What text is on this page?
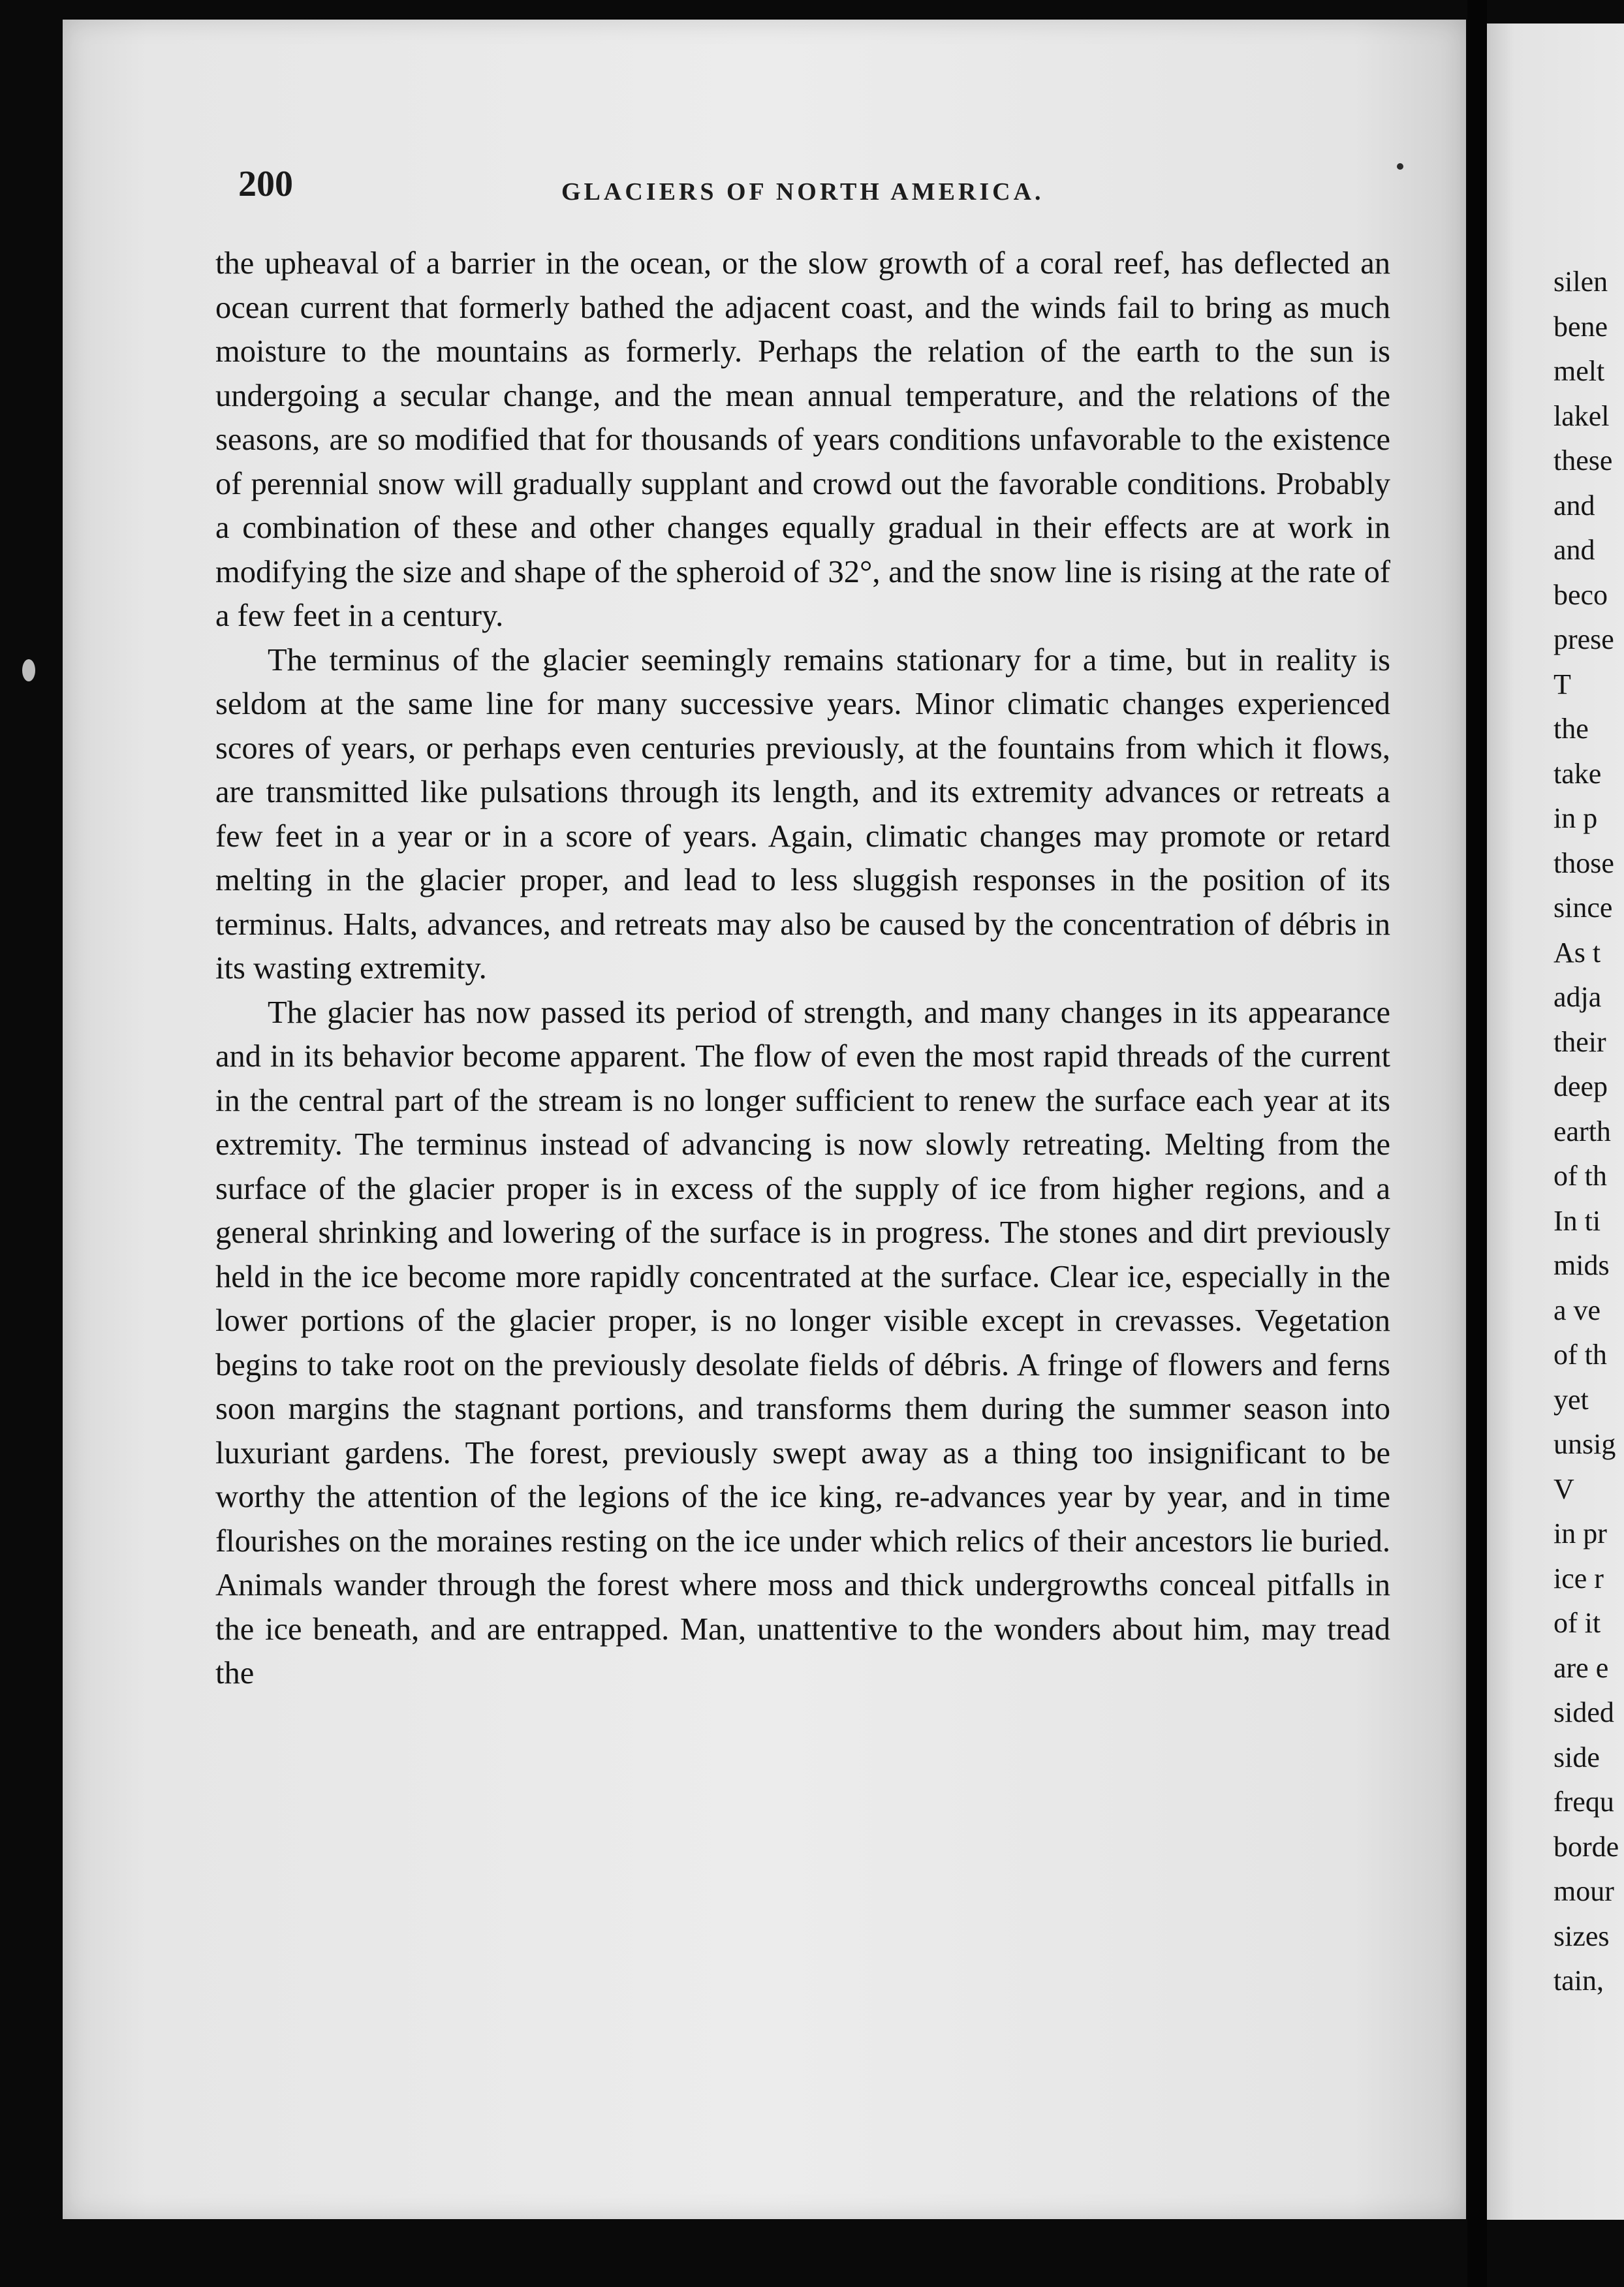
200	GLACIERS OF NORTH AMERICA.

the upheaval of a barrier in the ocean, or the slow growth of a coral reef, has deflected an ocean current that formerly bathed the adjacent coast, and the winds fail to bring as much moisture to the mountains as formerly. Perhaps the relation of the earth to the sun is undergoing a secular change, and the mean annual temperature, and the relations of the seasons, are so modified that for thousands of years conditions unfavorable to the existence of perennial snow will gradually supplant and crowd out the favorable conditions. Probably a combination of these and other changes equally gradual in their effects are at work in modifying the size and shape of the spheroid of 32°, and the snow line is rising at the rate of a few feet in a century.

The terminus of the glacier seemingly remains stationary for a time, but in reality is seldom at the same line for many successive years. Minor climatic changes experienced scores of years, or perhaps even centuries previously, at the fountains from which it flows, are transmitted like pulsations through its length, and its extremity advances or retreats a few feet in a year or in a score of years. Again, climatic changes may promote or retard melting in the glacier proper, and lead to less sluggish responses in the position of its terminus. Halts, advances, and retreats may also be caused by the concentration of débris in its wasting extremity.

The glacier has now passed its period of strength, and many changes in its appearance and in its behavior become apparent. The flow of even the most rapid threads of the current in the central part of the stream is no longer sufficient to renew the surface each year at its extremity. The terminus instead of advancing is now slowly retreating. Melting from the surface of the glacier proper is in excess of the supply of ice from higher regions, and a general shrinking and lowering of the surface is in progress. The stones and dirt previously held in the ice become more rapidly concentrated at the surface. Clear ice, especially in the lower portions of the glacier proper, is no longer visible except in crevasses. Vegetation begins to take root on the previously desolate fields of débris. A fringe of flowers and ferns soon margins the stagnant portions, and transforms them during the summer season into luxuriant gardens. The forest, previously swept away as a thing too insignificant to be worthy the attention of the legions of the ice king, re-advances year by year, and in time flourishes on the moraines resting on the ice under which relics of their ancestors lie buried. Animals wander through the forest where moss and thick undergrowths conceal pitfalls in the ice beneath, and are entrapped. Man, unattentive to the wonders about him, may tread the

silen
bene
melt
lakel
these
and
and
beco
prese
T
the
take
in p
those
since
As t
adja
their
deep
earth
of th
In ti
mids
a ve
of th
yet
unsig
V
in pr
ice r
of it
are e
sided
side
frequ
borde
mour
sizes
tain,
